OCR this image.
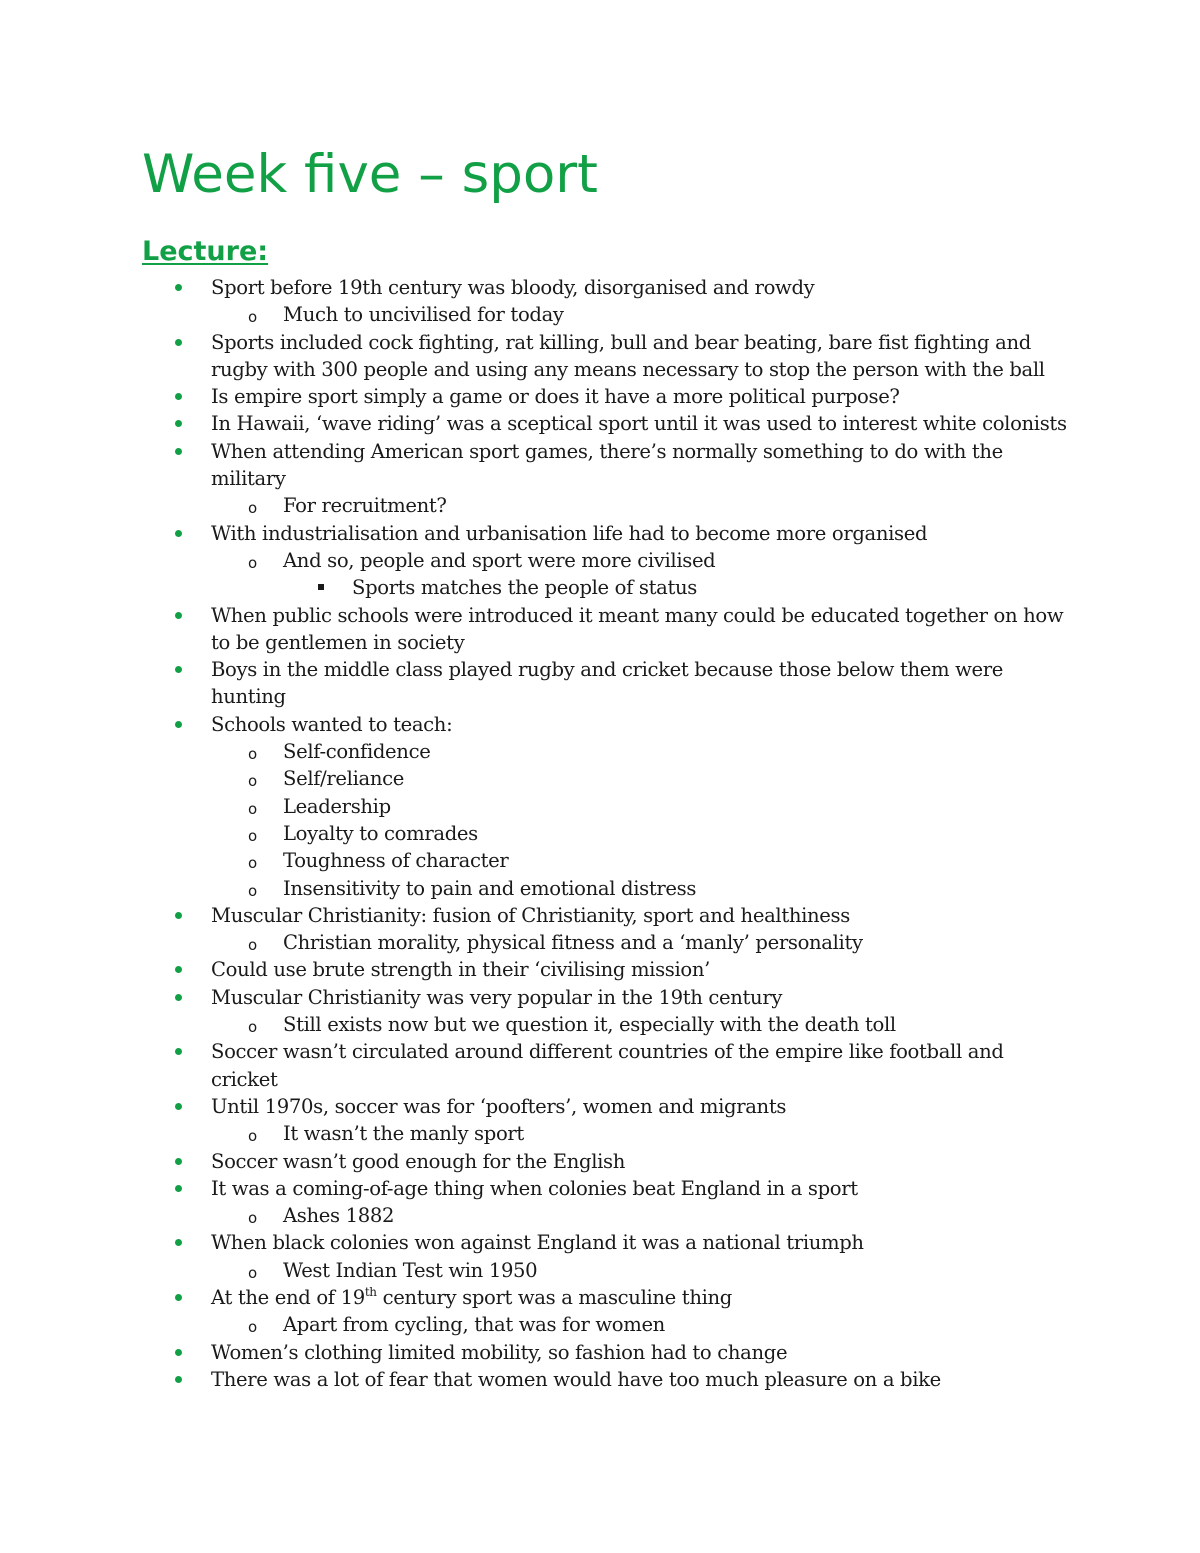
Week five – sport
Lecture:
Sport before 19th century was bloody, disorganised and rowdy
o Much to uncivilised for today
Sports included cock fighting, rat killing, bull and bear beating, bare fist fighting and
rugby with 300 people and using any means necessary to stop the person with the ball
Is empire sport simply a game or does it have a more political purpose?
In Hawaii, ‘wave riding’ was a sceptical sport until it was used to interest white colonists
When attending American sport games, there’s normally something to do with the
military
o For recruitment?
With industrialisation and urbanisation life had to become more organised
o And so, people and sport were more civilised
Sports matches the people of status
When public schools were introduced it meant many could be educated together on how
to be gentlemen in society
Boys in the middle class played rugby and cricket because those below them were
hunting
Schools wanted to teach:
o Self-confidence
o Self/reliance
o Leadership
o Loyalty to comrades
o Toughness of character
o Insensitivity to pain and emotional distress
Muscular Christianity: fusion of Christianity, sport and healthiness
o Christian morality, physical fitness and a ‘manly’ personality
Could use brute strength in their ‘civilising mission’
Muscular Christianity was very popular in the 19th century
o Still exists now but we question it, especially with the death toll
Soccer wasn’t circulated around different countries of the empire like football and
cricket
Until 1970s, soccer was for ‘poofters’, women and migrants
o It wasn’t the manly sport
Soccer wasn’t good enough for the English
It was a coming-of-age thing when colonies beat England in a sport
o Ashes 1882
When black colonies won against England it was a national triumph
o West Indian Test win 1950
At the end of 19th century sport was a masculine thing
o Apart from cycling, that was for women
Women’s clothing limited mobility, so fashion had to change
There was a lot of fear that women would have too much pleasure on a bike
